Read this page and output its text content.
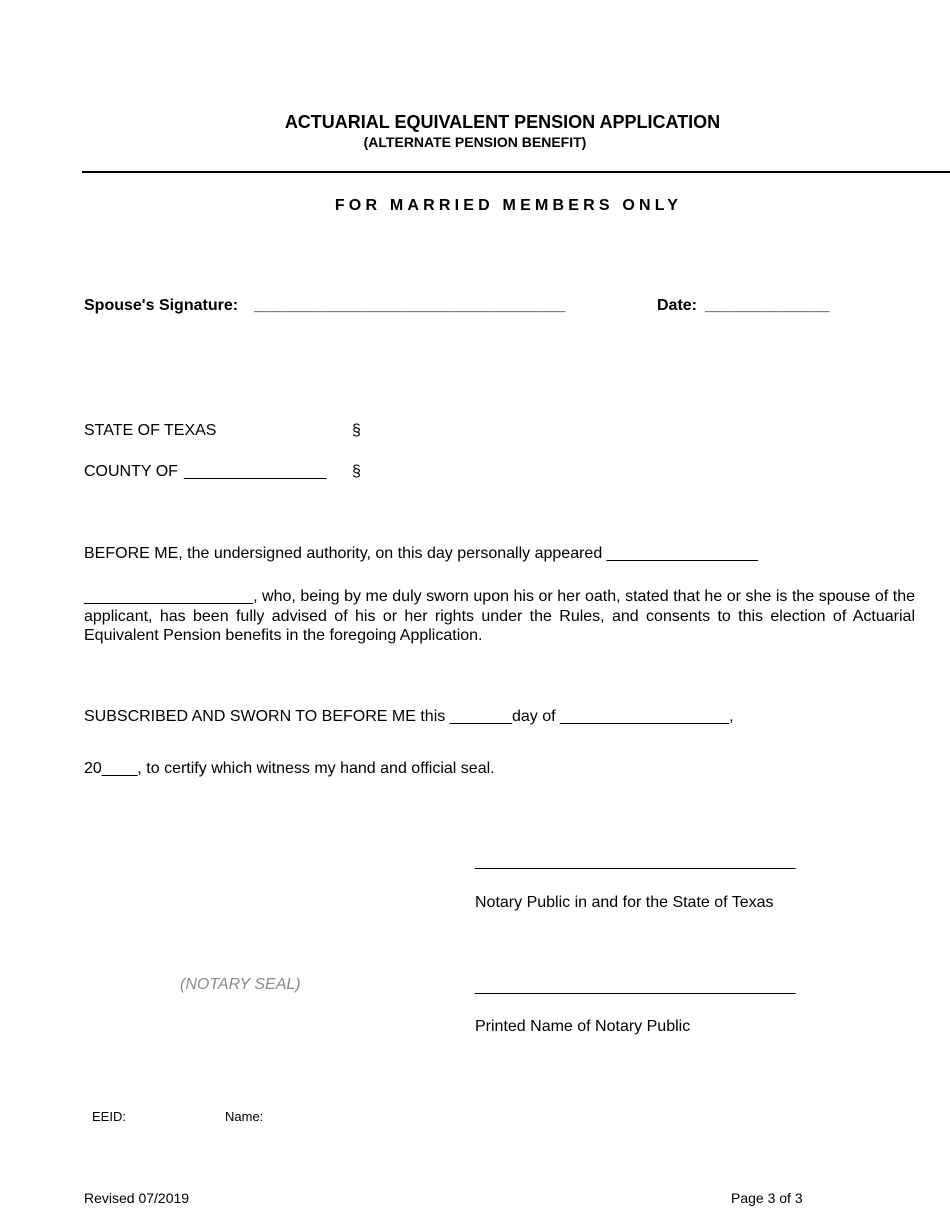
ACTUARIAL EQUIVALENT PENSION APPLICATION
(ALTERNATE PENSION BENEFIT)
FOR MARRIED MEMBERS ONLY
Spouse's Signature: ___________________________________	Date: ______________
STATE OF TEXAS	§
COUNTY OF ________________ §
BEFORE ME, the undersigned authority, on this day personally appeared _________________
___________________, who, being by me duly sworn upon his or her oath, stated that he or she is the spouse of the applicant, has been fully advised of his or her rights under the Rules, and consents to this election of Actuarial Equivalent Pension benefits in the foregoing Application.
SUBSCRIBED AND SWORN TO BEFORE ME this _______day of ___________________,
20____, to certify which witness my hand and official seal.
____________________________________
Notary Public in and for the State of Texas
(NOTARY SEAL)	____________________________________
Printed Name of Notary Public
EEID:	Name:
Revised 07/2019	Page 3 of 3
